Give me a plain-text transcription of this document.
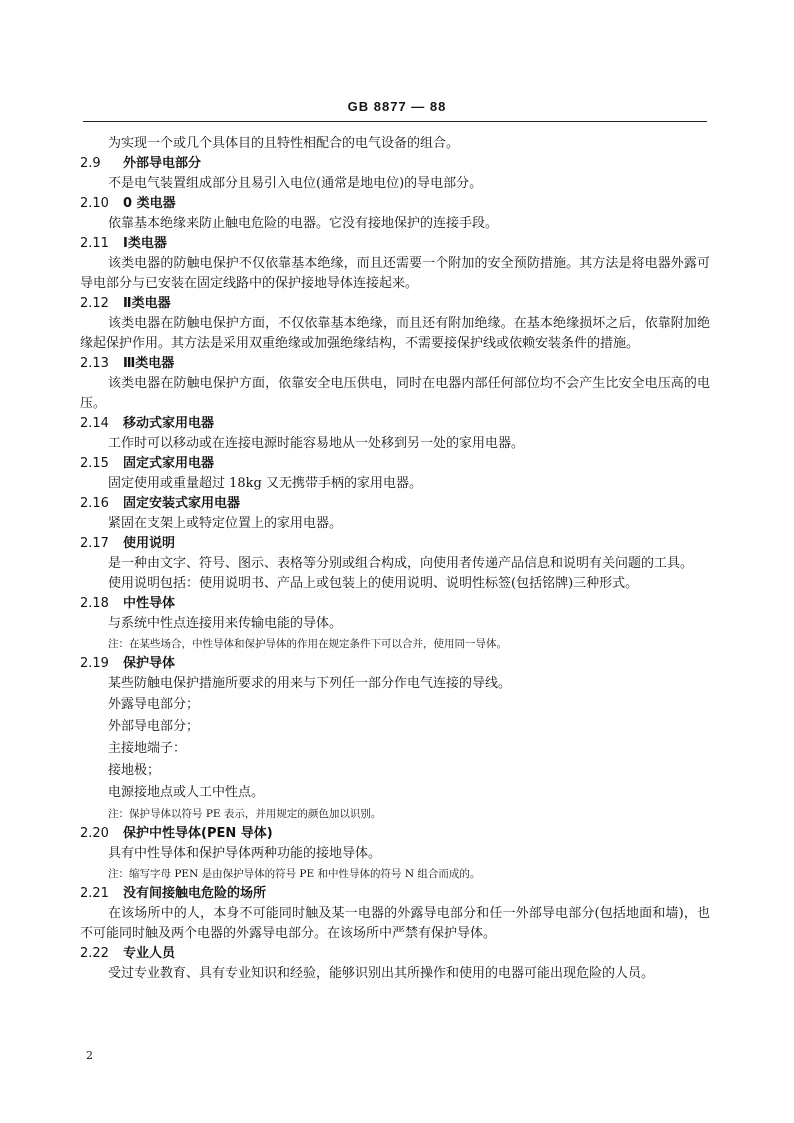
GB 8877 — 88
为实现一个或几个具体目的且特性相配合的电气设备的组合。
2.9 外部导电部分
不是电气装置组成部分且易引入电位(通常是地电位)的导电部分。
2.10 0 类电器
依靠基本绝缘来防止触电危险的电器。它没有接地保护的连接手段。
2.11 Ⅰ类电器
该类电器的防触电保护不仅依靠基本绝缘，而且还需要一个附加的安全预防措施。其方法是将电器外露可导电部分与已安装在固定线路中的保护接地导体连接起来。
2.12 Ⅱ类电器
该类电器在防触电保护方面，不仅依靠基本绝缘，而且还有附加绝缘。在基本绝缘损坏之后，依靠附加绝缘起保护作用。其方法是采用双重绝缘或加强绝缘结构，不需要接保护线或依赖安装条件的措施。
2.13 Ⅲ类电器
该类电器在防触电保护方面，依靠安全电压供电，同时在电器内部任何部位均不会产生比安全电压高的电压。
2.14 移动式家用电器
工作时可以移动或在连接电源时能容易地从一处移到另一处的家用电器。
2.15 固定式家用电器
固定使用或重量超过 18kg 又无携带手柄的家用电器。
2.16 固定安装式家用电器
紧固在支架上或特定位置上的家用电器。
2.17 使用说明
是一种由文字、符号、图示、表格等分别或组合构成，向使用者传递产品信息和说明有关问题的工具。
使用说明包括：使用说明书、产品上或包装上的使用说明、说明性标签(包括铭牌)三种形式。
2.18 中性导体
与系统中性点连接用来传输电能的导体。
注：在某些场合，中性导体和保护导体的作用在规定条件下可以合并，使用同一导体。
2.19 保护导体
某些防触电保护措施所要求的用来与下列任一部分作电气连接的导线。
外露导电部分；
外部导电部分；
主接地端子：
接地极；
电源接地点或人工中性点。
注：保护导体以符号 PE 表示，并用规定的颜色加以识别。
2.20 保护中性导体(PEN 导体)
具有中性导体和保护导体两种功能的接地导体。
注：缩写字母 PEN 是由保护导体的符号 PE 和中性导体的符号 N 组合而成的。
2.21 没有间接触电危险的场所
在该场所中的人，本身不可能同时触及某一电器的外露导电部分和任一外部导电部分(包括地面和墙)，也不可能同时触及两个电器的外露导电部分。在该场所中严禁有保护导体。
2.22 专业人员
受过专业教育、具有专业知识和经验，能够识别出其所操作和使用的电器可能出现危险的人员。
2
